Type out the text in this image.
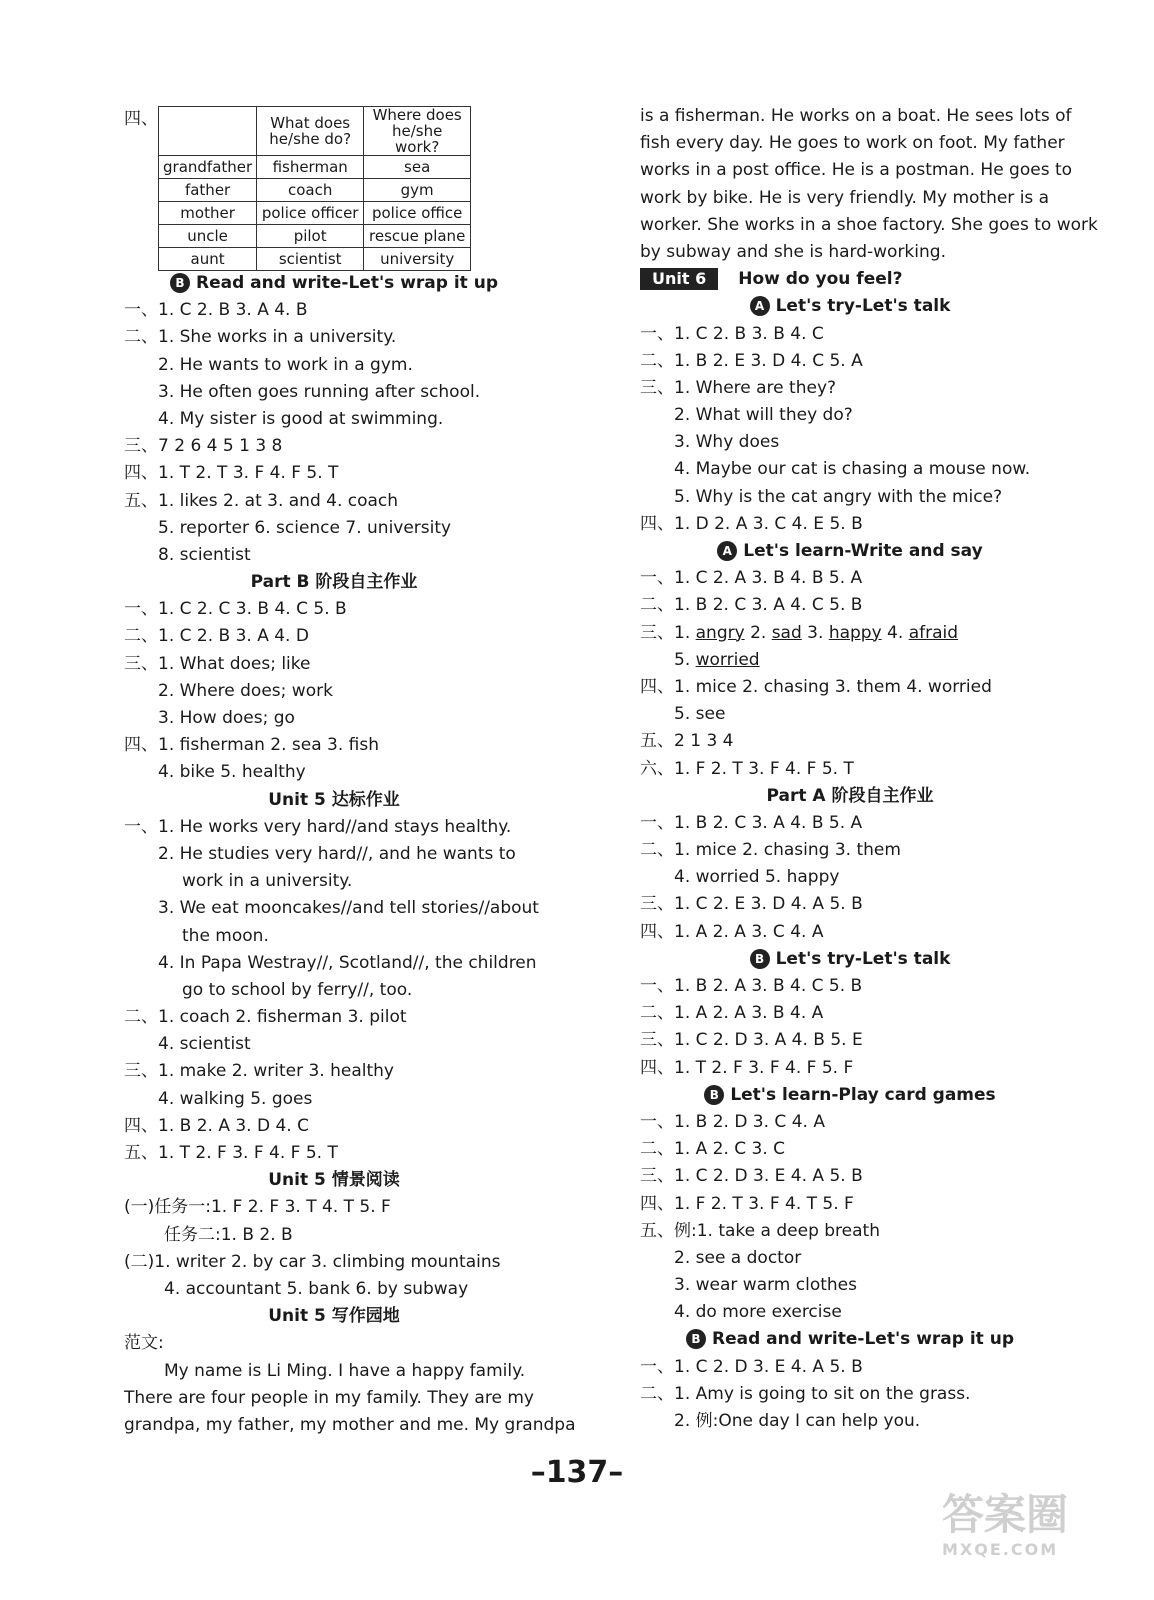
四、
		What does he/she do?	Where does he/she work?
grandfather	fisherman	sea
father	coach	gym
mother	police officer	police office
uncle	pilot	rescue plane
aunt	scientist	university
B Read and write-Let's wrap it up
一、1. C 2. B 3. A 4. B
二、1. She works in a university.
2. He wants to work in a gym.
3. He often goes running after school.
4. My sister is good at swimming.
三、7 2 6 4 5 1 3 8
四、1. T 2. T 3. F 4. F 5. T
五、1. likes 2. at 3. and 4. coach
5. reporter 6. science 7. university
8. scientist
Part B 阶段自主作业
一、1. C 2. C 3. B 4. C 5. B
二、1. C 2. B 3. A 4. D
三、1. What does; like
2. Where does; work
3. How does; go
四、1. fisherman 2. sea 3. fish
4. bike 5. healthy
Unit 5 达标作业
一、1. He works very hard//and stays healthy.
2. He studies very hard//, and he wants to
work in a university.
3. We eat mooncakes//and tell stories//about
the moon.
4. In Papa Westray//, Scotland//, the children
go to school by ferry//, too.
二、1. coach 2. fisherman 3. pilot
4. scientist
三、1. make 2. writer 3. healthy
4. walking 5. goes
四、1. B 2. A 3. D 4. C
五、1. T 2. F 3. F 4. F 5. T
Unit 5 情景阅读
(一)任务一:1. F 2. F 3. T 4. T 5. F
任务二:1. B 2. B
(二)1. writer 2. by car 3. climbing mountains
4. accountant 5. bank 6. by subway
Unit 5 写作园地
范文:
My name is Li Ming. I have a happy family.
There are four people in my family. They are my
grandpa, my father, my mother and me. My grandpa
is a fisherman. He works on a boat. He sees lots of
fish every day. He goes to work on foot. My father
works in a post office. He is a postman. He goes to
work by bike. He is very friendly. My mother is a
worker. She works in a shoe factory. She goes to work
by subway and she is hard-working.
Unit 6 How do you feel?
A Let's try-Let's talk
一、1. C 2. B 3. B 4. C
二、1. B 2. E 3. D 4. C 5. A
三、1. Where are they?
2. What will they do?
3. Why does
4. Maybe our cat is chasing a mouse now.
5. Why is the cat angry with the mice?
四、1. D 2. A 3. C 4. E 5. B
A Let's learn-Write and say
一、1. C 2. A 3. B 4. B 5. A
二、1. B 2. C 3. A 4. C 5. B
三、1. angry 2. sad 3. happy 4. afraid
5. worried
四、1. mice 2. chasing 3. them 4. worried
5. see
五、2 1 3 4
六、1. F 2. T 3. F 4. F 5. T
Part A 阶段自主作业
一、1. B 2. C 3. A 4. B 5. A
二、1. mice 2. chasing 3. them
4. worried 5. happy
三、1. C 2. E 3. D 4. A 5. B
四、1. A 2. A 3. C 4. A
B Let's try-Let's talk
一、1. B 2. A 3. B 4. C 5. B
二、1. A 2. A 3. B 4. A
三、1. C 2. D 3. A 4. B 5. E
四、1. T 2. F 3. F 4. F 5. F
B Let's learn-Play card games
一、1. B 2. D 3. C 4. A
二、1. A 2. C 3. C
三、1. C 2. D 3. E 4. A 5. B
四、1. F 2. T 3. F 4. T 5. F
五、例:1. take a deep breath
2. see a doctor
3. wear warm clothes
4. do more exercise
B Read and write-Let's wrap it up
一、1. C 2. D 3. E 4. A 5. B
二、1. Amy is going to sit on the grass.
2. 例:One day I can help you.
–137–
答案圈
MXQE.COM
